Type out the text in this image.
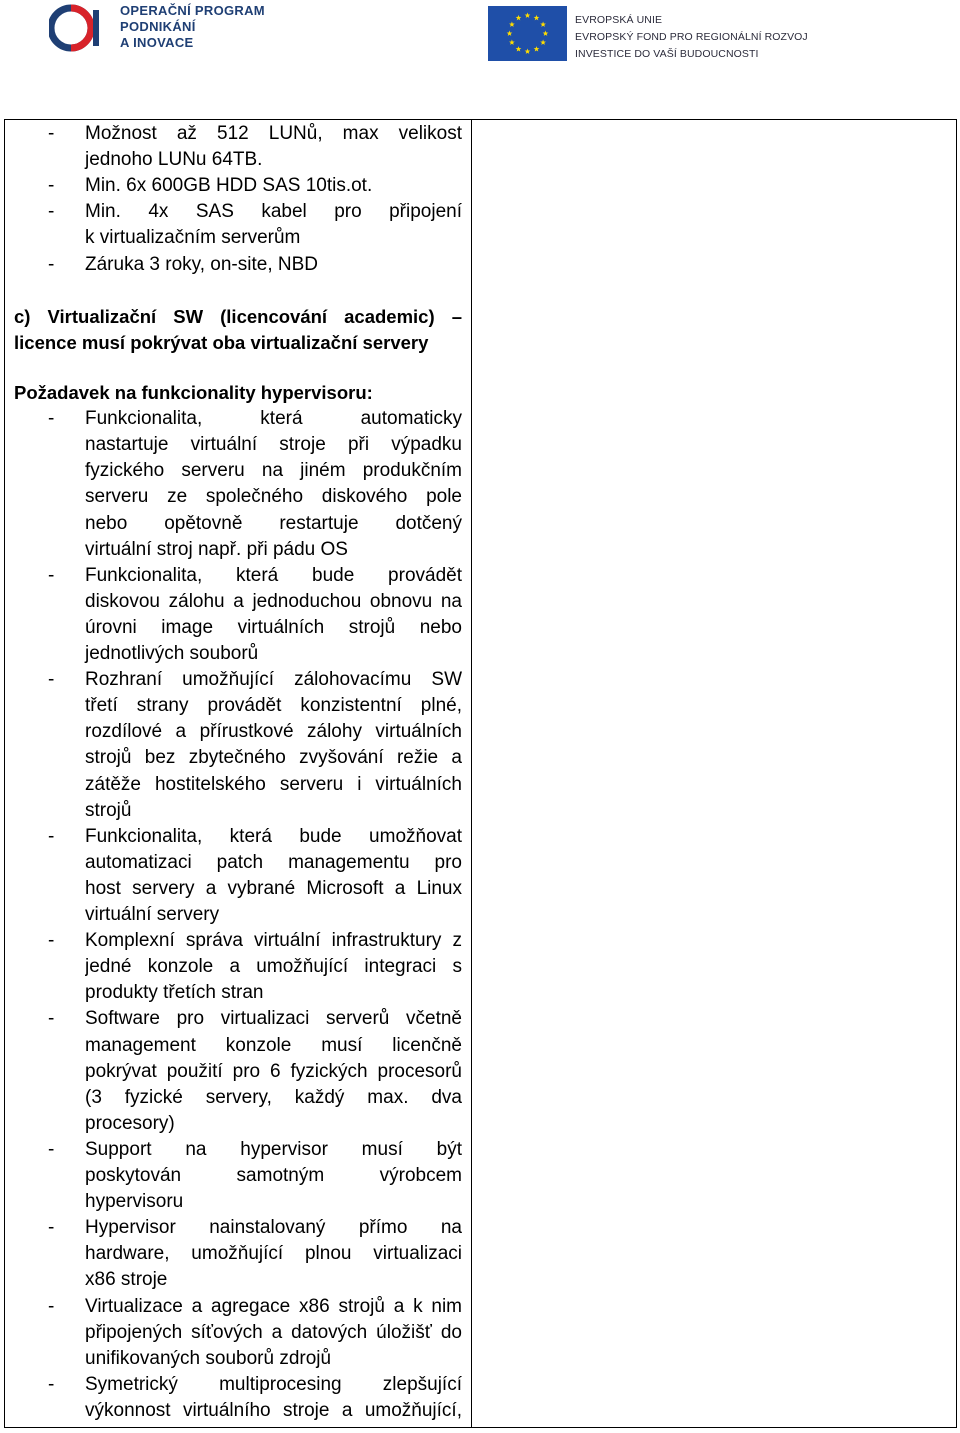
OPERAČNÍ PROGRAM
PODNIKÁNÍ
A INOVACE
EVROPSKÁ UNIE
EVROPSKÝ FOND PRO REGIONÁLNÍ ROZVOJ
INVESTICE DO VAŠÍ BUDOUCNOSTI
- Možnost až 512 LUNů, max velikost
jednoho LUNu 64TB.
- Min. 6x 600GB HDD SAS 10tis.ot.
- Min. 4x SAS kabel pro připojení
k virtualizačním serverům
- Záruka 3 roky, on-site, NBD
c) Virtualizační SW (licencování academic) –
licence musí pokrývat oba virtualizační servery
Požadavek na funkcionality hypervisoru:
- Funkcionalita, která automaticky
nastartuje virtuální stroje při výpadku
fyzického serveru na jiném produkčním
serveru ze společného diskového pole
nebo opětovně restartuje dotčený
virtuální stroj např. při pádu OS
- Funkcionalita, která bude provádět
diskovou zálohu a jednoduchou obnovu na
úrovni image virtuálních strojů nebo
jednotlivých souborů
- Rozhraní umožňující zálohovacímu SW
třetí strany provádět konzistentní plné,
rozdílové a přírustkové zálohy virtuálních
strojů bez zbytečného zvyšování režie a
zátěže hostitelského serveru i virtuálních
strojů
- Funkcionalita, která bude umožňovat
automatizaci patch managementu pro
host servery a vybrané Microsoft a Linux
virtuální servery
- Komplexní správa virtuální infrastruktury z
jedné konzole a umožňující integraci s
produkty třetích stran
- Software pro virtualizaci serverů včetně
management konzole musí licenčně
pokrývat použití pro 6 fyzických procesorů
(3 fyzické servery, každý max. dva
procesory)
- Support na hypervisor musí být
poskytován samotným výrobcem
hypervisoru
- Hypervisor nainstalovaný přímo na
hardware, umožňující plnou virtualizaci
x86 stroje
- Virtualizace a agregace x86 strojů a k nim
připojených síťových a datových úložišť do
unifikovaných souborů zdrojů
- Symetrický multiprocesing zlepšující
výkonnost virtuálního stroje a umožňující,
